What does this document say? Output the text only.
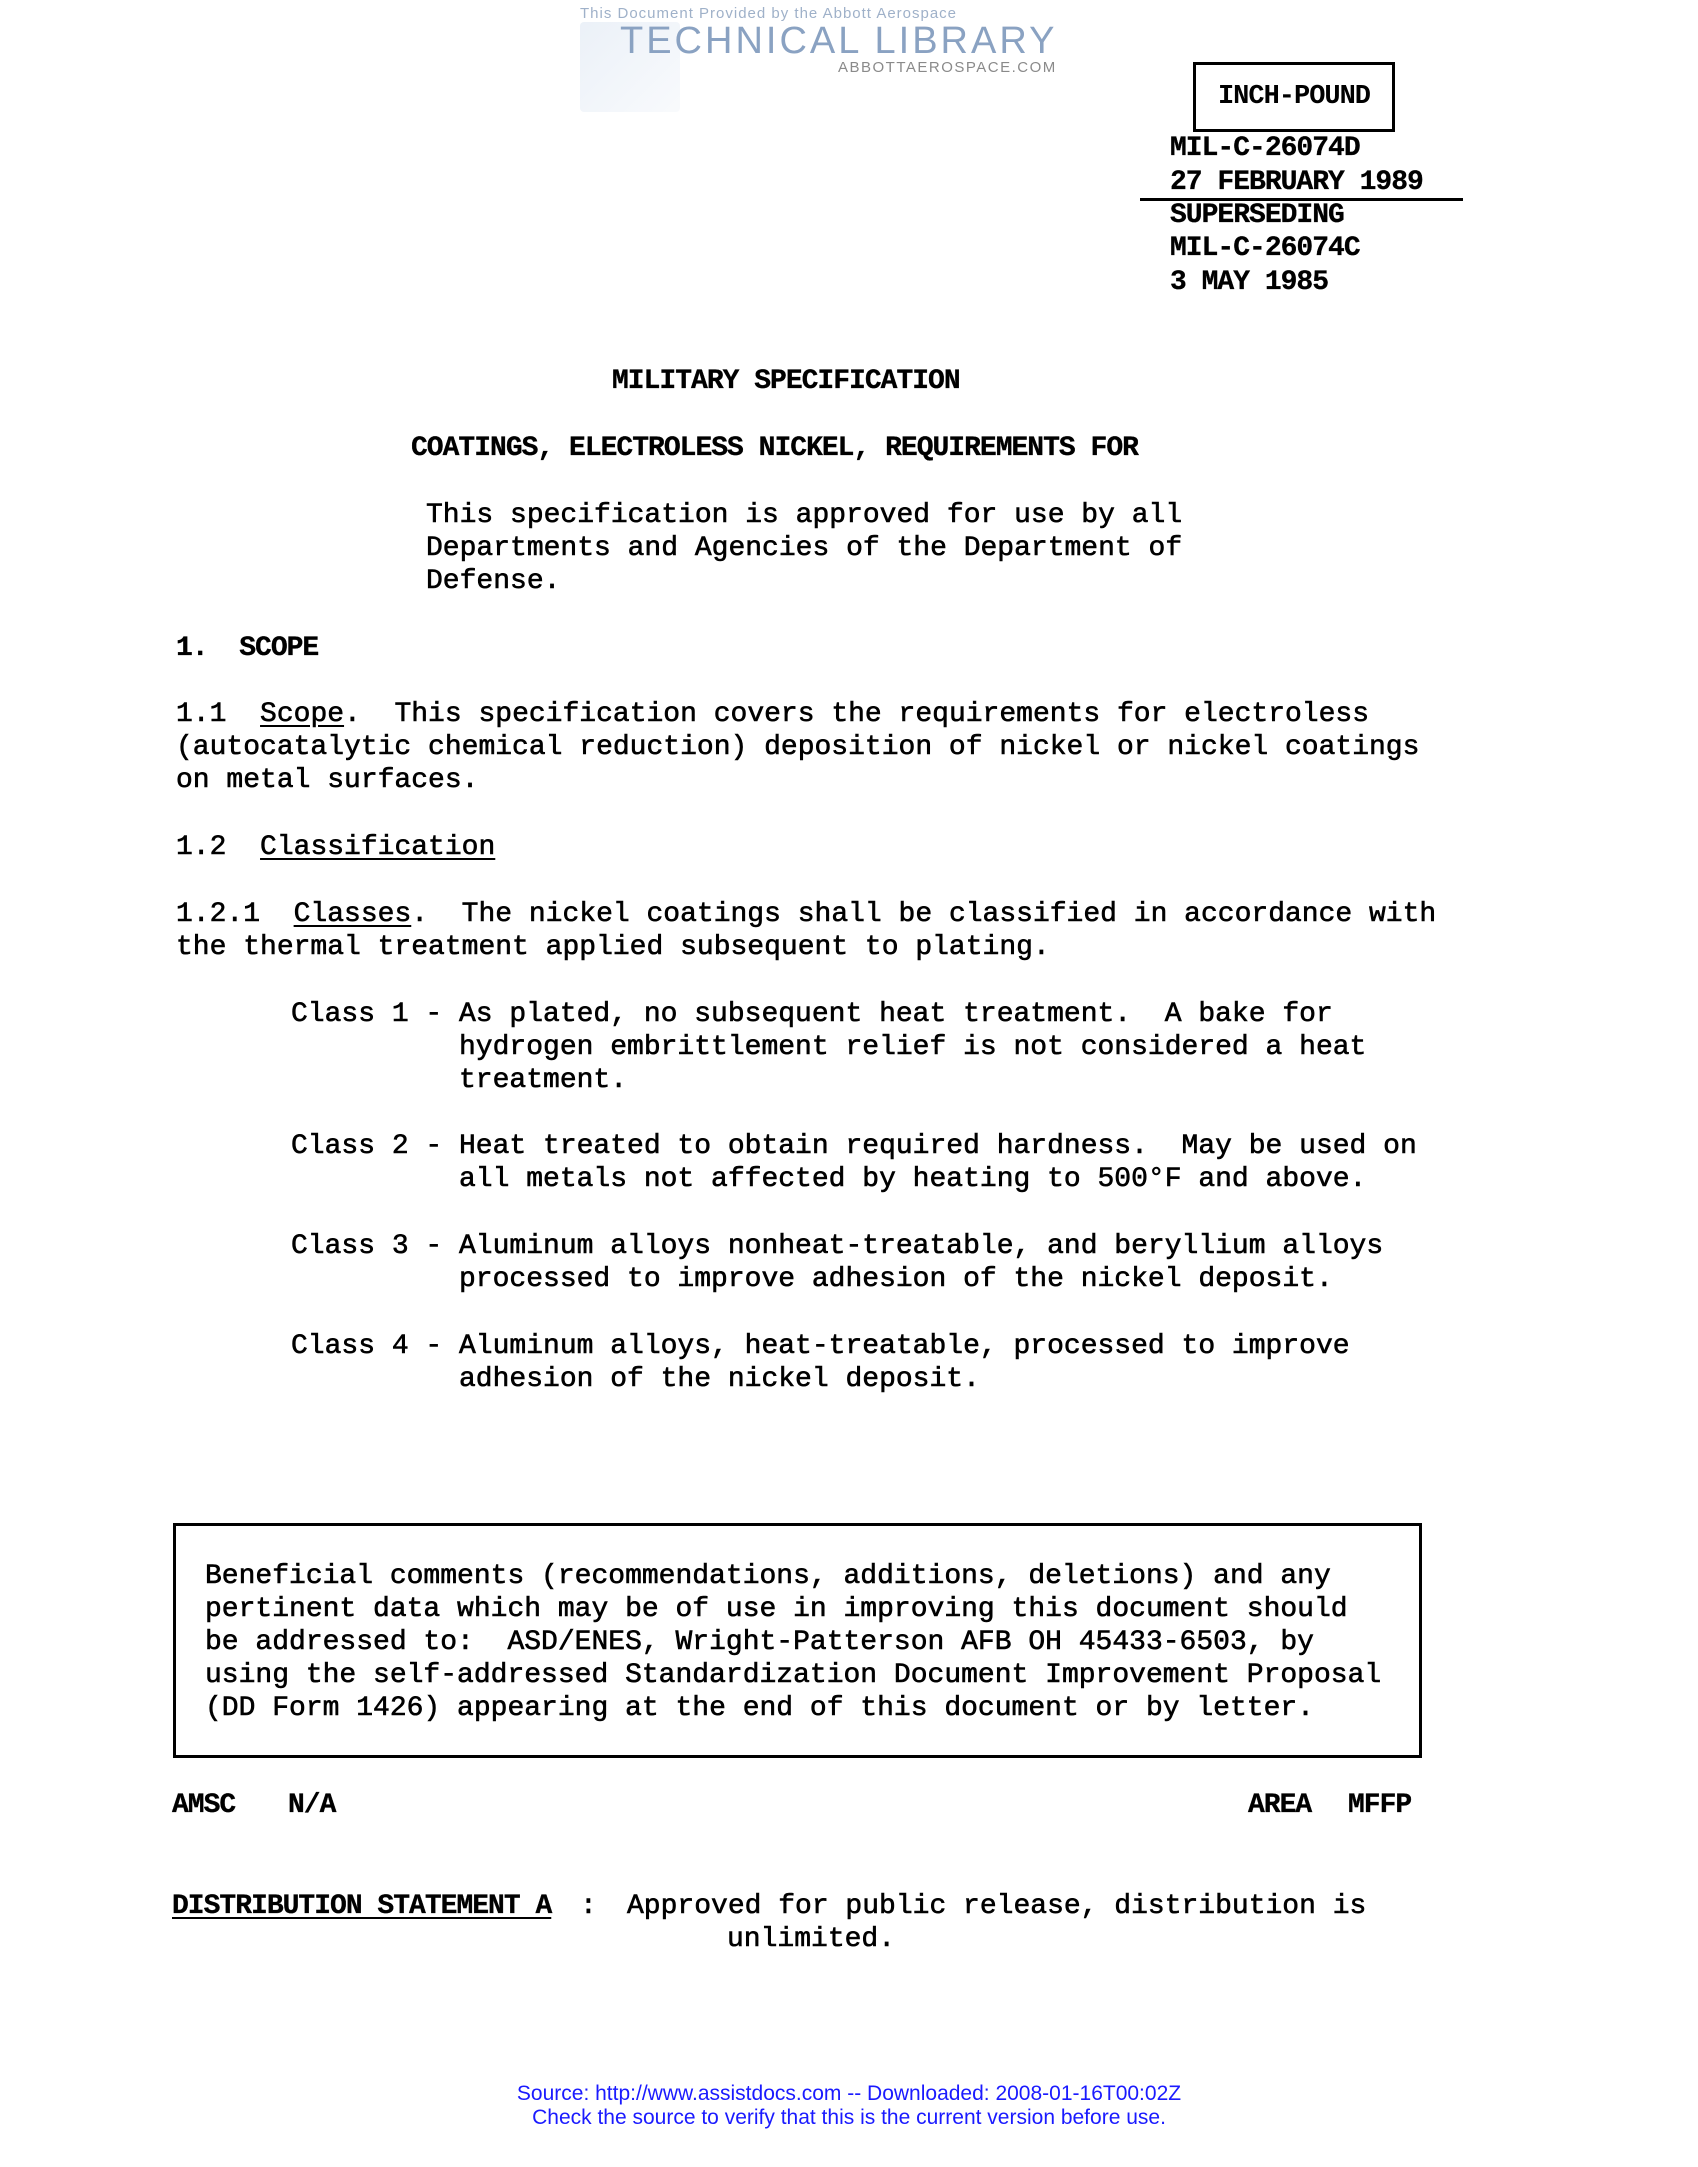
This Document Provided by the Abbott Aerospace
TECHNICAL LIBRARY
ABBOTTAEROSPACE.COM
INCH-POUND
MIL-C-26074D
27 FEBRUARY 1989
SUPERSEDING
MIL-C-26074C
3 MAY 1985
MILITARY SPECIFICATION
COATINGS, ELECTROLESS NICKEL, REQUIREMENTS FOR
This specification is approved for use by all
Departments and Agencies of the Department of
Defense.
1.  SCOPE
1.1 Scope.  This specification covers the requirements for electroless
(autocatalytic chemical reduction) deposition of nickel or nickel coatings
on metal surfaces.
1.2 Classification
1.2.1 Classes.  The nickel coatings shall be classified in accordance with
the thermal treatment applied subsequent to plating.
Class 1 - As plated, no subsequent heat treatment.  A bake for
hydrogen embrittlement relief is not considered a heat
treatment.
Class 2 - Heat treated to obtain required hardness.  May be used on
all metals not affected by heating to 500°F and above.
Class 3 - Aluminum alloys nonheat-treatable, and beryllium alloys
processed to improve adhesion of the nickel deposit.
Class 4 - Aluminum alloys, heat-treatable, processed to improve
adhesion of the nickel deposit.
Beneficial comments (recommendations, additions, deletions) and any
pertinent data which may be of use in improving this document should
be addressed to:  ASD/ENES, Wright-Patterson AFB OH 45433-6503, by
using the self-addressed Standardization Document Improvement Proposal
(DD Form 1426) appearing at the end of this document or by letter.
AMSC N/A	AREA MFFP
DISTRIBUTION STATEMENT A : Approved for public release, distribution is
unlimited.
Source: http://www.assistdocs.com -- Downloaded: 2008-01-16T00:02Z
Check the source to verify that this is the current version before use.
